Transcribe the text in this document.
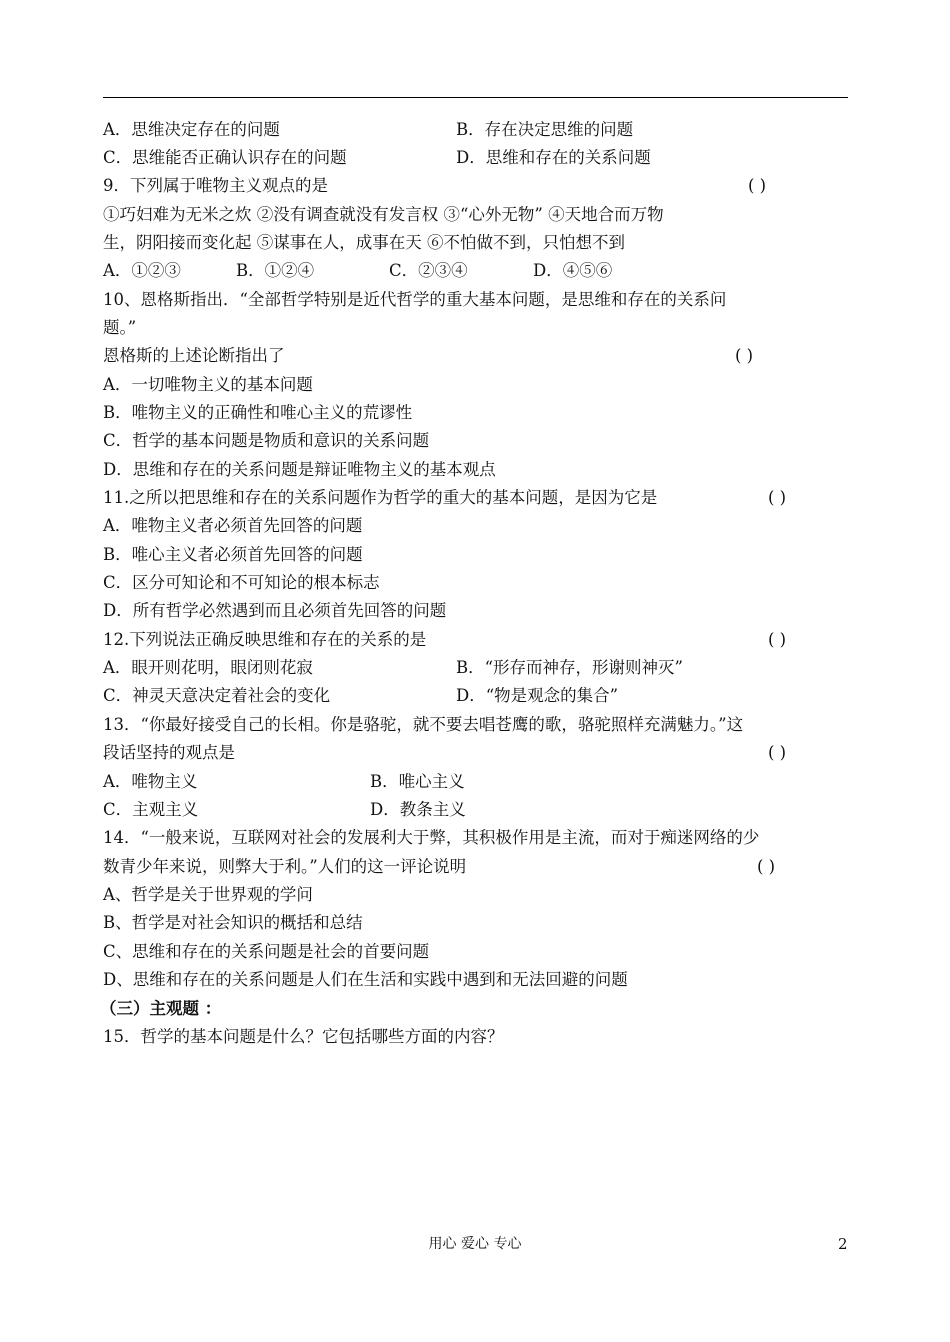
A．思维决定存在的问题	B．存在决定思维的问题
C．思维能否正确认识存在的问题	D．思维和存在的关系问题
9．下列属于唯物主义观点的是	( )
①巧妇难为无米之炊 ②没有调查就没有发言权 ③“心外无物” ④天地合而万物
生，阴阳接而变化起 ⑤谋事在人，成事在天 ⑥不怕做不到，只怕想不到
A．①②③	B．①②④	C．②③④	D．④⑤⑥
10、恩格斯指出．“全部哲学特别是近代哲学的重大基本问题，是思维和存在的关系问
题。”
恩格斯的上述论断指出了	( )
A．一切唯物主义的基本问题
B．唯物主义的正确性和唯心主义的荒谬性
C．哲学的基本问题是物质和意识的关系问题
D．思维和存在的关系问题是辩证唯物主义的基本观点
11.之所以把思维和存在的关系问题作为哲学的重大的基本问题，是因为它是	( )
A．唯物主义者必须首先回答的问题
B．唯心主义者必须首先回答的问题
C．区分可知论和不可知论的根本标志
D．所有哲学必然遇到而且必须首先回答的问题
12.下列说法正确反映思维和存在的关系的是	( )
A．眼开则花明，眼闭则花寂	B．“形存而神存，形谢则神灭”
C．神灵天意决定着社会的变化	D．“物是观念的集合”
13．“你最好接受自己的长相。你是骆驼，就不要去唱苍鹰的歌，骆驼照样充满魅力。”这
段话坚持的观点是	( )
A．唯物主义	B．唯心主义
C．主观主义	D．教条主义
14．“一般来说，互联网对社会的发展利大于弊，其积极作用是主流，而对于痴迷网络的少
数青少年来说，则弊大于利。”人们的这一评论说明	( )
A、哲学是关于世界观的学问
B、哲学是对社会知识的概括和总结
C、思维和存在的关系问题是社会的首要问题
D、思维和存在的关系问题是人们在生活和实践中遇到和无法回避的问题
（三）主观题 ：
15．哲学的基本问题是什么？它包括哪些方面的内容？
用心 爱心 专心	2
